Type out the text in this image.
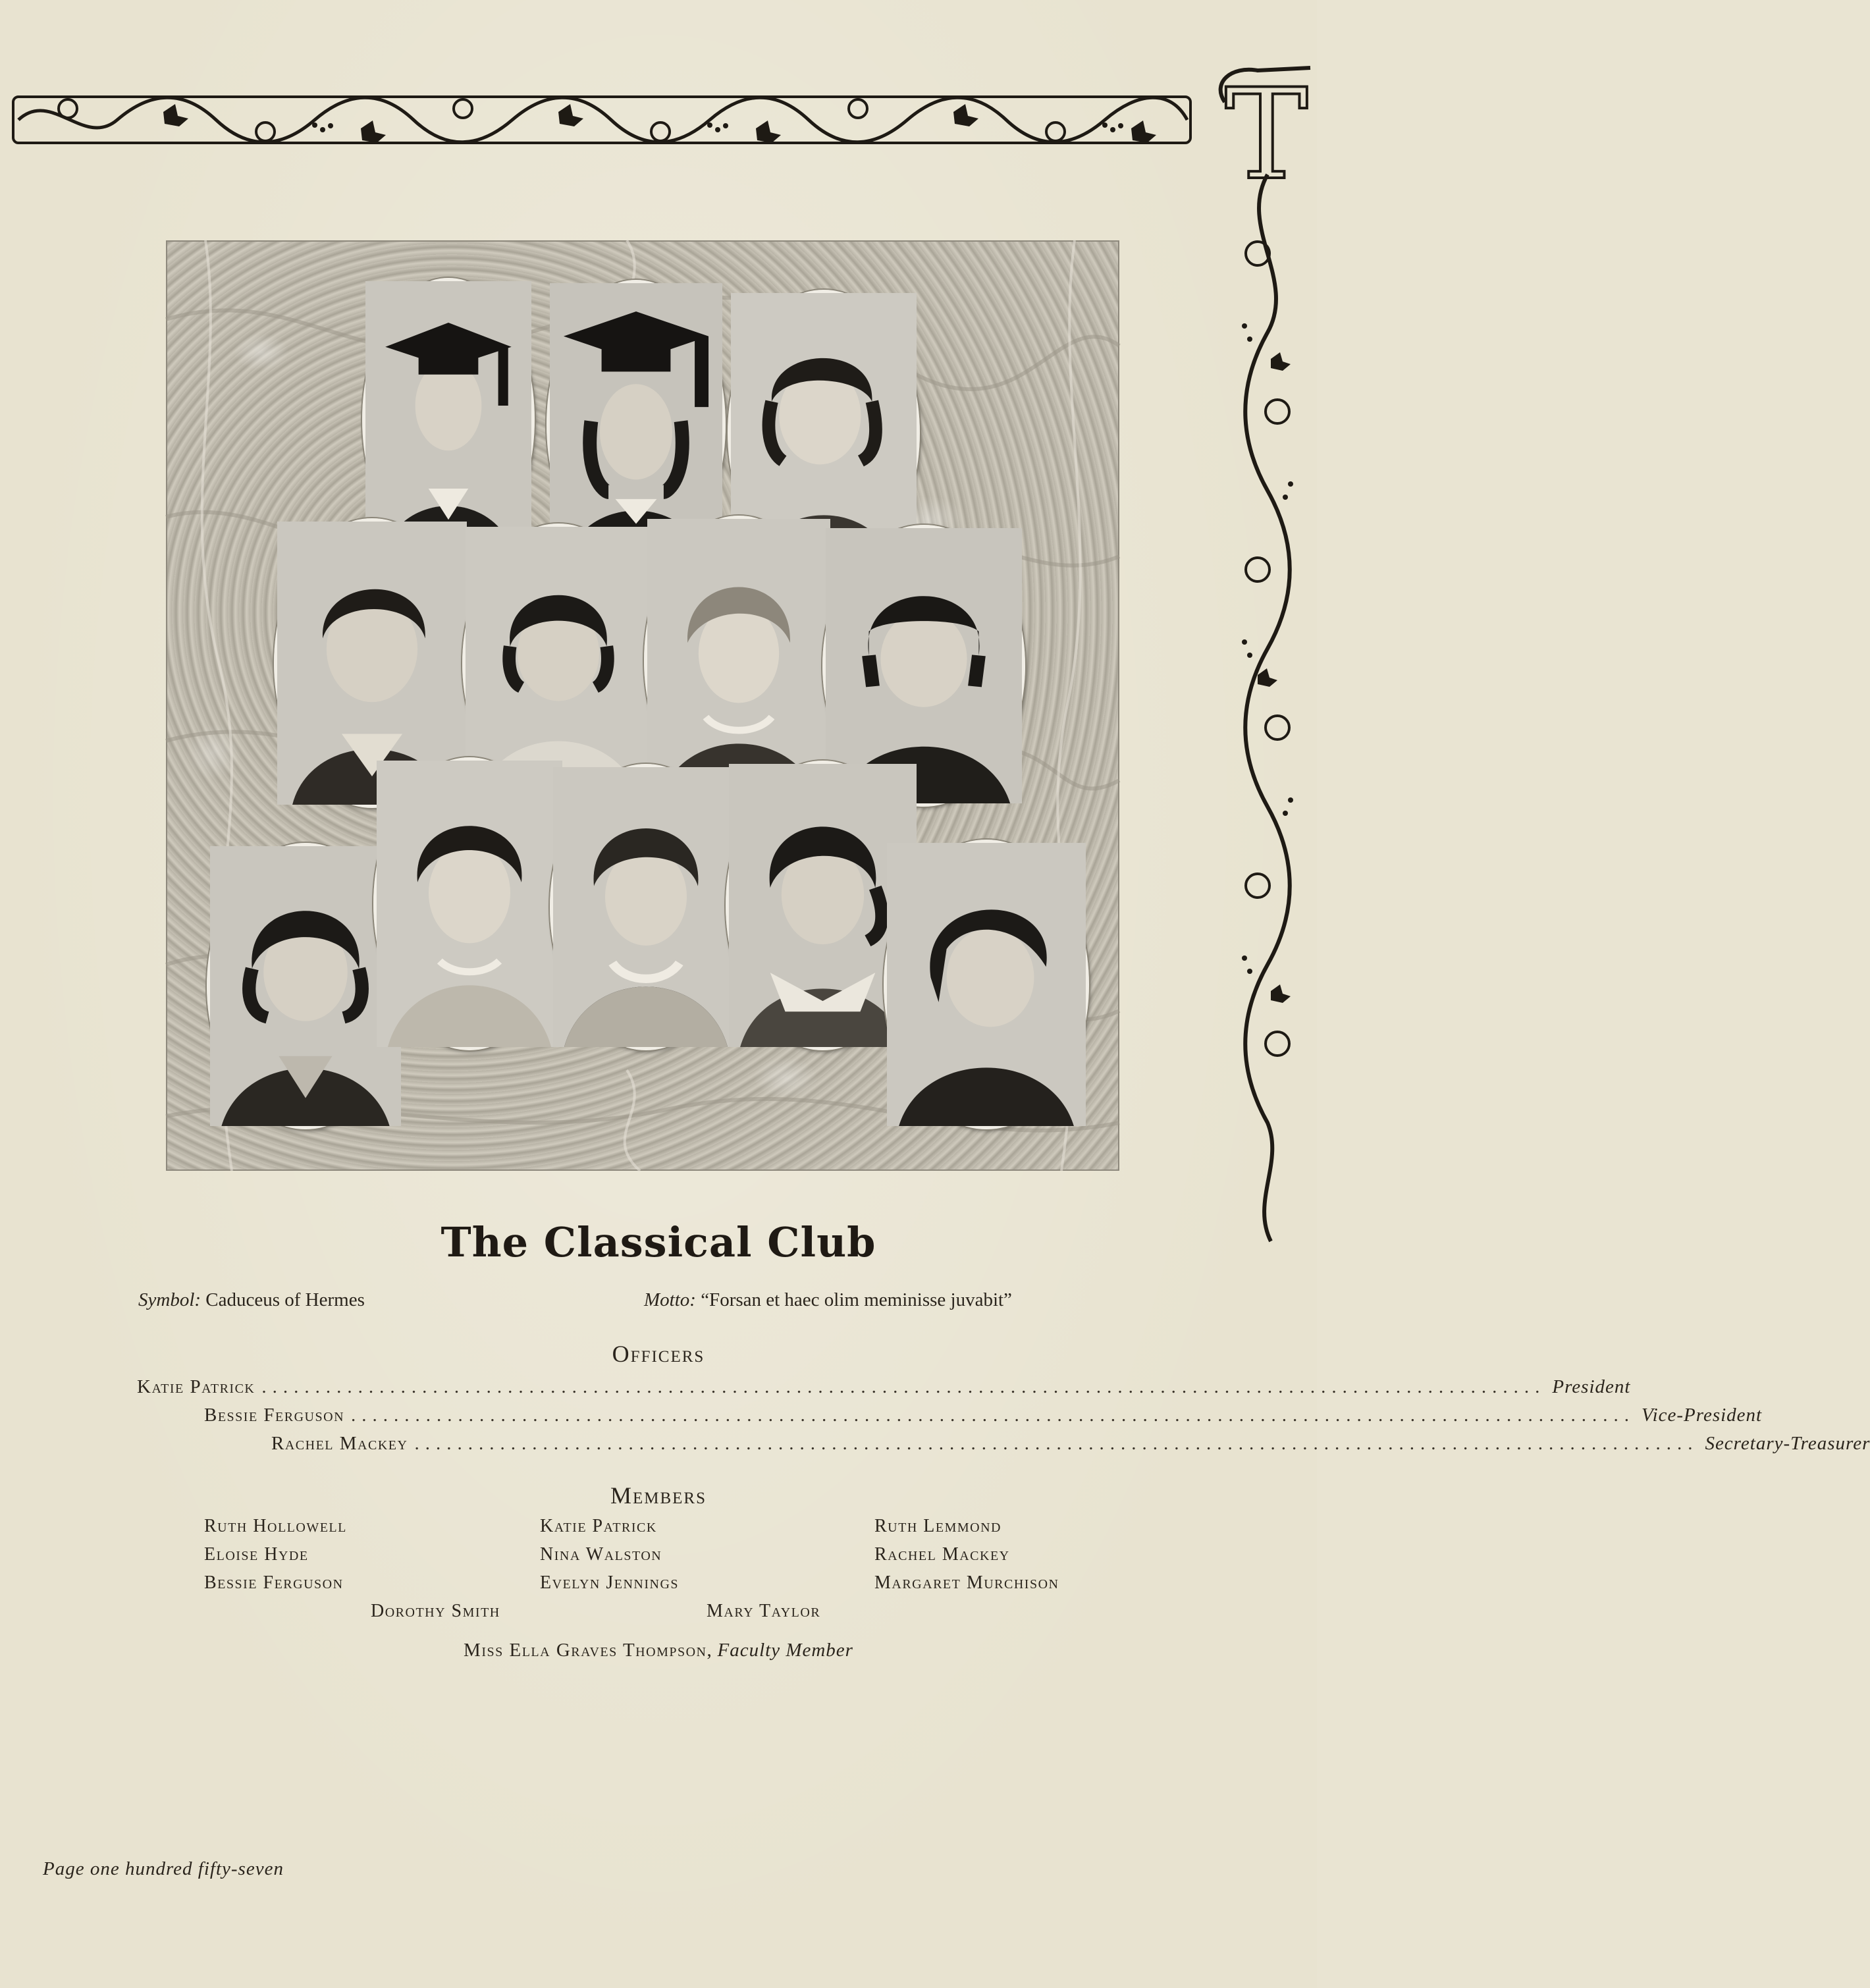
T
The Classical Club
Symbol: Caduceus of Hermes	Motto: “Forsan et haec olim meminisse juvabit”
Officers
Katie Patrick ........................................................................................................................ President
Bessie Ferguson ........................................................................................................................ Vice-President
Rachel Mackey ........................................................................................................................ Secretary-Treasurer
Members
Ruth Hollowell	Katie Patrick	Ruth Lemmond
Eloise Hyde	Nina Walston	Rachel Mackey
Bessie Ferguson	Evelyn Jennings	Margaret Murchison
Dorothy Smith	Mary Taylor
Miss Ella Graves Thompson, Faculty Member
Page one hundred fifty-seven
